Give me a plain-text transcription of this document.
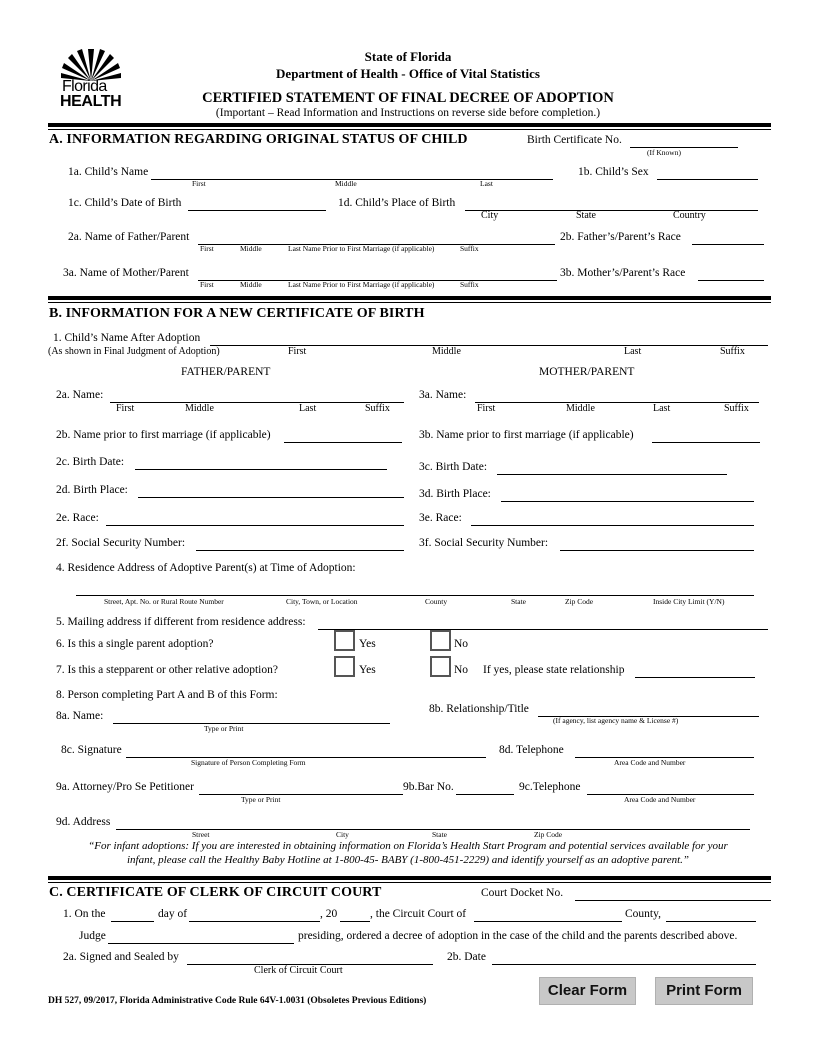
Florida
HEALTH
State of Florida
Department of Health - Office of Vital Statistics
CERTIFIED STATEMENT OF FINAL DECREE OF ADOPTION
(Important – Read Information and Instructions on reverse side before completion.)
A. INFORMATION REGARDING ORIGINAL STATUS OF CHILD	Birth Certificate No.
(If Known)
1a. Child’s Name
First	Middle	Last
1b. Child’s Sex
1c. Child’s Date of Birth	1d. Child’s Place of Birth
City	State	Country
2a. Name of Father/Parent
First	Middle	Last Name Prior to First Marriage (if applicable)	Suffix
2b. Father’s/Parent’s Race
3a. Name of Mother/Parent
First	Middle	Last Name Prior to First Marriage (if applicable)	Suffix
3b. Mother’s/Parent’s Race
B. INFORMATION FOR A NEW CERTIFICATE OF BIRTH
1. Child’s Name After Adoption
(As shown in Final Judgment of Adoption)	First	Middle	Last	Suffix
FATHER/PARENT	MOTHER/PARENT
2a. Name:
First	Middle	Last	Suffix
3a. Name:
First	Middle	Last	Suffix
2b. Name prior to first marriage (if applicable)	3b. Name prior to first marriage (if applicable)
2c. Birth Date:	3c. Birth Date:
2d. Birth Place:	3d. Birth Place:
2e. Race:	3e. Race:
2f. Social Security Number:	3f. Social Security Number:
4. Residence Address of Adoptive Parent(s) at Time of Adoption:
Street, Apt. No. or Rural Route Number	City, Town, or Location	County	State	Zip Code	Inside City Limit (Y/N)
5. Mailing address if different from residence address:
6. Is this a single parent adoption?	Yes	No
7. Is this a stepparent or other relative adoption?	Yes	No If yes, please state relationship
8. Person completing Part A and B of this Form:
8a. Name:
Type or Print
8b. Relationship/Title
(If agency, list agency name & License #)
8c. Signature
Signature of Person Completing Form
8d. Telephone
Area Code and Number
9a. Attorney/Pro Se Petitioner
Type or Print
9b.Bar No.	9c.Telephone
Area Code and Number
9d. Address
Street	City	State	Zip Code
“For infant adoptions: If you are interested in obtaining information on Florida’s Health Start Program and potential services available for your
infant, please call the Healthy Baby Hotline at 1-800-45- BABY (1-800-451-2229) and identify yourself as an adoptive parent.”
C. CERTIFICATE OF CLERK OF CIRCUIT COURT	Court Docket No.
1. On the	day of	, 20	, the Circuit Court of	County,
Judge	presiding, ordered a decree of adoption in the case of the child and the parents described above.
2a. Signed and Sealed by
Clerk of Circuit Court
2b. Date
DH 527, 09/2017, Florida Administrative Code Rule 64V-1.0031 (Obsoletes Previous Editions)
Clear Form	Print Form
